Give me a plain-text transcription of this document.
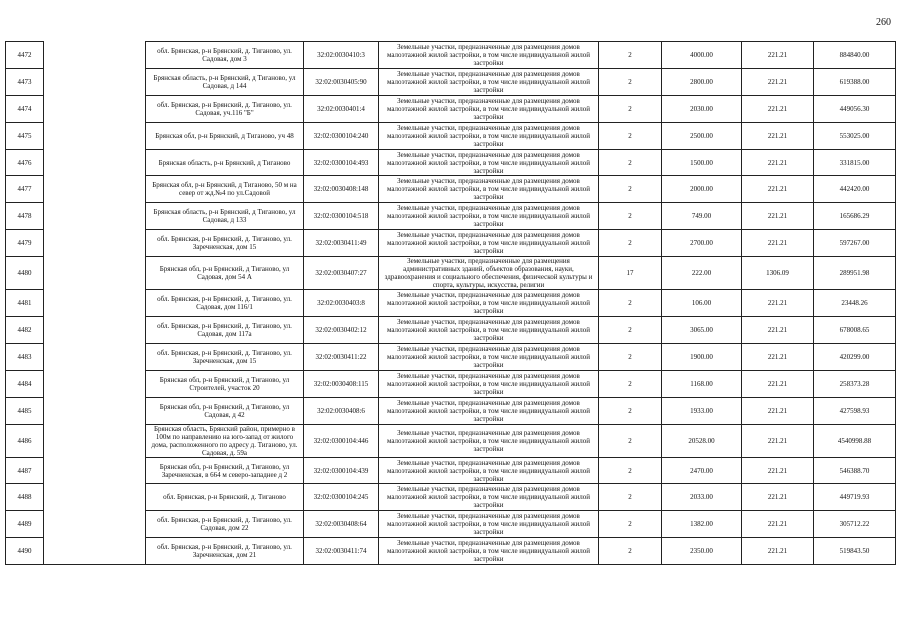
260
4472		обл. Брянская, р-н Брянский, д. Тиганово, ул. Садовая, дом 3	32:02:0030410:3	Земельные участки, предназначенные для размещения домов малоэтажной жилой застройки, в том числе индивидуальной жилой застройки	2	4000.00	221.21	884840.00
4473		Брянская область, р-н Брянский, д Тиганово, ул Садовая, д 144	32:02:0030405:90	Земельные участки, предназначенные для размещения домов малоэтажной жилой застройки, в том числе индивидуальной жилой застройки	2	2800.00	221.21	619388.00
4474		обл. Брянская, р-н Брянский, д. Тиганово, ул. Садовая, уч.116 "Б"	32:02:0030401:4	Земельные участки, предназначенные для размещения домов малоэтажной жилой застройки, в том числе индивидуальной жилой застройки	2	2030.00	221.21	449056.30
4475		Брянская обл, р-н Брянский, д Тиганово, уч 48	32:02:0300104:240	Земельные участки, предназначенные для размещения домов малоэтажной жилой застройки, в том числе индивидуальной жилой застройки	2	2500.00	221.21	553025.00
4476		Брянская область, р-н Брянский, д Тиганово	32:02:0300104:493	Земельные участки, предназначенные для размещения домов малоэтажной жилой застройки, в том числе индивидуальной жилой застройки	2	1500.00	221.21	331815.00
4477		Брянская обл, р-н Брянский, д Тиганово, 50 м на север от жд.№4 по ул.Садовой	32:02:0030408:148	Земельные участки, предназначенные для размещения домов малоэтажной жилой застройки, в том числе индивидуальной жилой застройки	2	2000.00	221.21	442420.00
4478		Брянская область, р-н Брянский, д Тиганово, ул Садовая, д 133	32:02:0300104:518	Земельные участки, предназначенные для размещения домов малоэтажной жилой застройки, в том числе индивидуальной жилой застройки	2	749.00	221.21	165686.29
4479		обл. Брянская, р-н Брянский, д. Тиганово, ул. Заречненская, дом 15	32:02:0030411:49	Земельные участки, предназначенные для размещения домов малоэтажной жилой застройки, в том числе индивидуальной жилой застройки	2	2700.00	221.21	597267.00
4480		Брянская обл, р-н Брянский, д Тиганово, ул Садовая, дом 54 А	32:02:0030407:27	Земельные участки, предназначенные для размещения административных зданий, объектов образования, науки, здравоохранения и социального обеспечения, физической культуры и спорта, культуры, искусства, религии	17	222.00	1306.09	289951.98
4481		обл. Брянская, р-н Брянский, д. Тиганово, ул. Садовая, дом 116/1	32:02:0030403:8	Земельные участки, предназначенные для размещения домов малоэтажной жилой застройки, в том числе индивидуальной жилой застройки	2	106.00	221.21	23448.26
4482		обл. Брянская, р-н Брянский, д. Тиганово, ул. Садовая, дом 117а	32:02:0030402:12	Земельные участки, предназначенные для размещения домов малоэтажной жилой застройки, в том числе индивидуальной жилой застройки	2	3065.00	221.21	678008.65
4483		обл. Брянская, р-н Брянский, д. Тиганово, ул. Заречненская, дом 15	32:02:0030411:22	Земельные участки, предназначенные для размещения домов малоэтажной жилой застройки, в том числе индивидуальной жилой застройки	2	1900.00	221.21	420299.00
4484		Брянская обл, р-н Брянский, д Тиганово, ул Строителей, участок 20	32:02:0030408:115	Земельные участки, предназначенные для размещения домов малоэтажной жилой застройки, в том числе индивидуальной жилой застройки	2	1168.00	221.21	258373.28
4485		Брянская обл, р-н Брянский, д Тиганово, ул Садовая, д 42	32:02:0030408:6	Земельные участки, предназначенные для размещения домов малоэтажной жилой застройки, в том числе индивидуальной жилой застройки	2	1933.00	221.21	427598.93
4486		Брянская область, Брянский район, примерно в 100м по направлению на юго-запад от жилого дома, расположенного по адресу д. Тиганово, ул. Садовая, д. 59а	32:02:0300104:446	Земельные участки, предназначенные для размещения домов малоэтажной жилой застройки, в том числе индивидуальной жилой застройки	2	20528.00	221.21	4540998.88
4487		Брянская обл, р-н Брянский, д Тиганово, ул Заречненская, в 664 м северо-западнее д 2	32:02:0300104:439	Земельные участки, предназначенные для размещения домов малоэтажной жилой застройки, в том числе индивидуальной жилой застройки	2	2470.00	221.21	546388.70
4488		обл. Брянская, р-н Брянский, д. Тиганово	32:02:0300104:245	Земельные участки, предназначенные для размещения домов малоэтажной жилой застройки, в том числе индивидуальной жилой застройки	2	2033.00	221.21	449719.93
4489		обл. Брянская, р-н Брянский, д. Тиганово, ул. Садовая, дом 22	32:02:0030408:64	Земельные участки, предназначенные для размещения домов малоэтажной жилой застройки, в том числе индивидуальной жилой застройки	2	1382.00	221.21	305712.22
4490		обл. Брянская, р-н Брянский, д. Тиганово, ул. Заречненская, дом 21	32:02:0030411:74	Земельные участки, предназначенные для размещения домов малоэтажной жилой застройки, в том числе индивидуальной жилой застройки	2	2350.00	221.21	519843.50
